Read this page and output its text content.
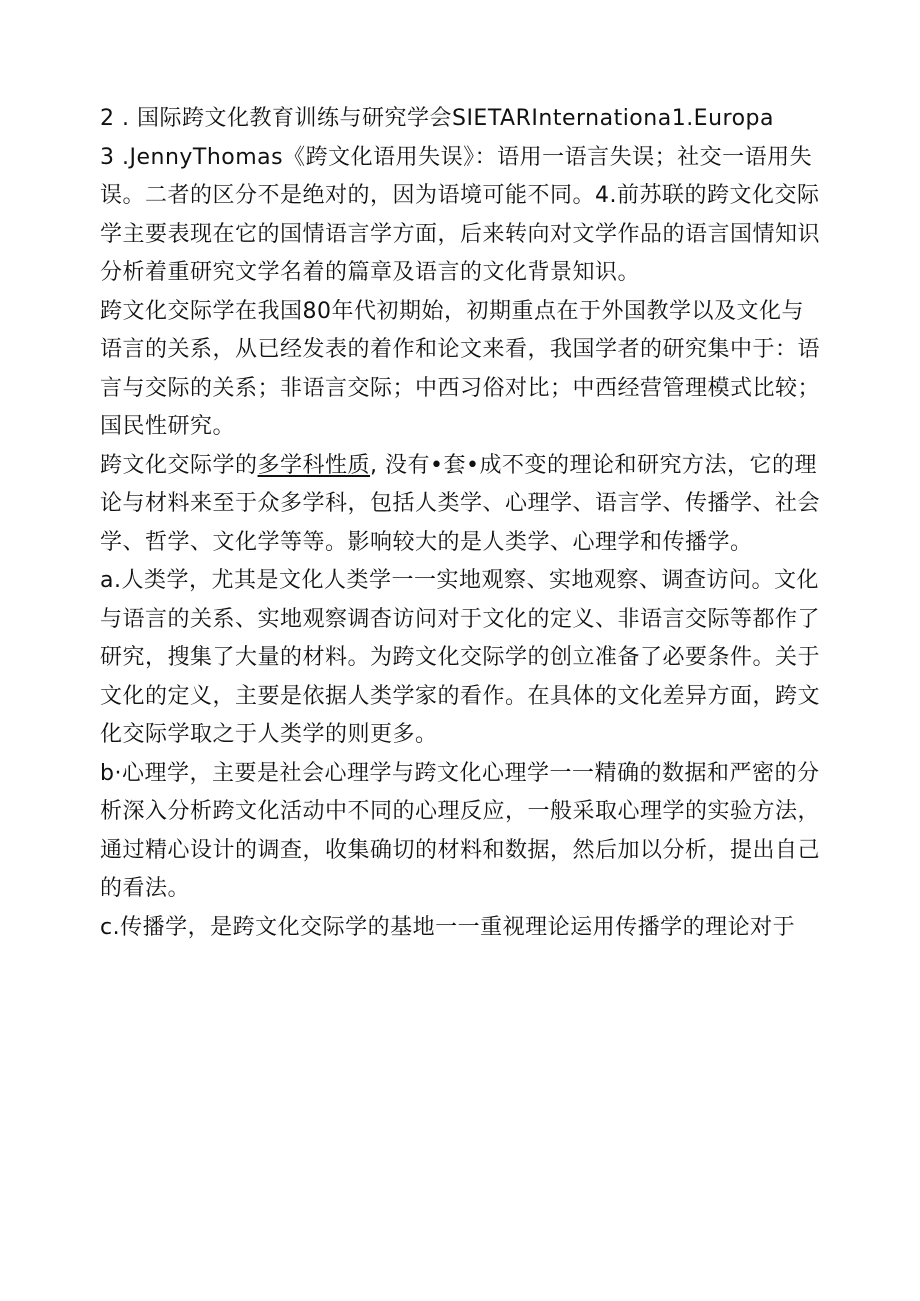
2 . 国际跨文化教育训练与研究学会SIETARInternationa1.Europa

3 .JennyThomas《跨文化语用失误》：语用一语言失误；社交一语用失误。二者的区分不是绝对的，因为语境可能不同。4.前苏联的跨文化交际学主要表现在它的国情语言学方面，后来转向对文学作品的语言国情知识分析着重研究文学名着的篇章及语言的文化背景知识。

跨文化交际学在我国80年代初期始，初期重点在于外国教学以及文化与语言的关系，从已经发表的着作和论文来看，我国学者的研究集中于：语言与交际的关系；非语言交际；中西习俗对比；中西经营管理模式比较；国民性研究。

跨文化交际学的多学科性质, 没有•套•成不变的理论和研究方法，它的理论与材料来至于众多学科，包括人类学、心理学、语言学、传播学、社会学、哲学、文化学等等。影响较大的是人类学、心理学和传播学。

a.人类学，尤其是文化人类学一一实地观察、实地观察、调查访问。文化与语言的关系、实地观察调杳访问对于文化的定义、非语言交际等都作了研究，搜集了大量的材料。为跨文化交际学的创立准备了必要条件。关于文化的定义，主要是依据人类学家的看作。在具体的文化差异方面，跨文化交际学取之于人类学的则更多。

b·心理学，主要是社会心理学与跨文化心理学一一精确的数据和严密的分析深入分析跨文化活动中不同的心理反应，一般采取心理学的实验方法，通过精心设计的调查，收集确切的材料和数据，然后加以分析，提出自己的看法。

c.传播学，是跨文化交际学的基地一一重视理论运用传播学的理论对于
